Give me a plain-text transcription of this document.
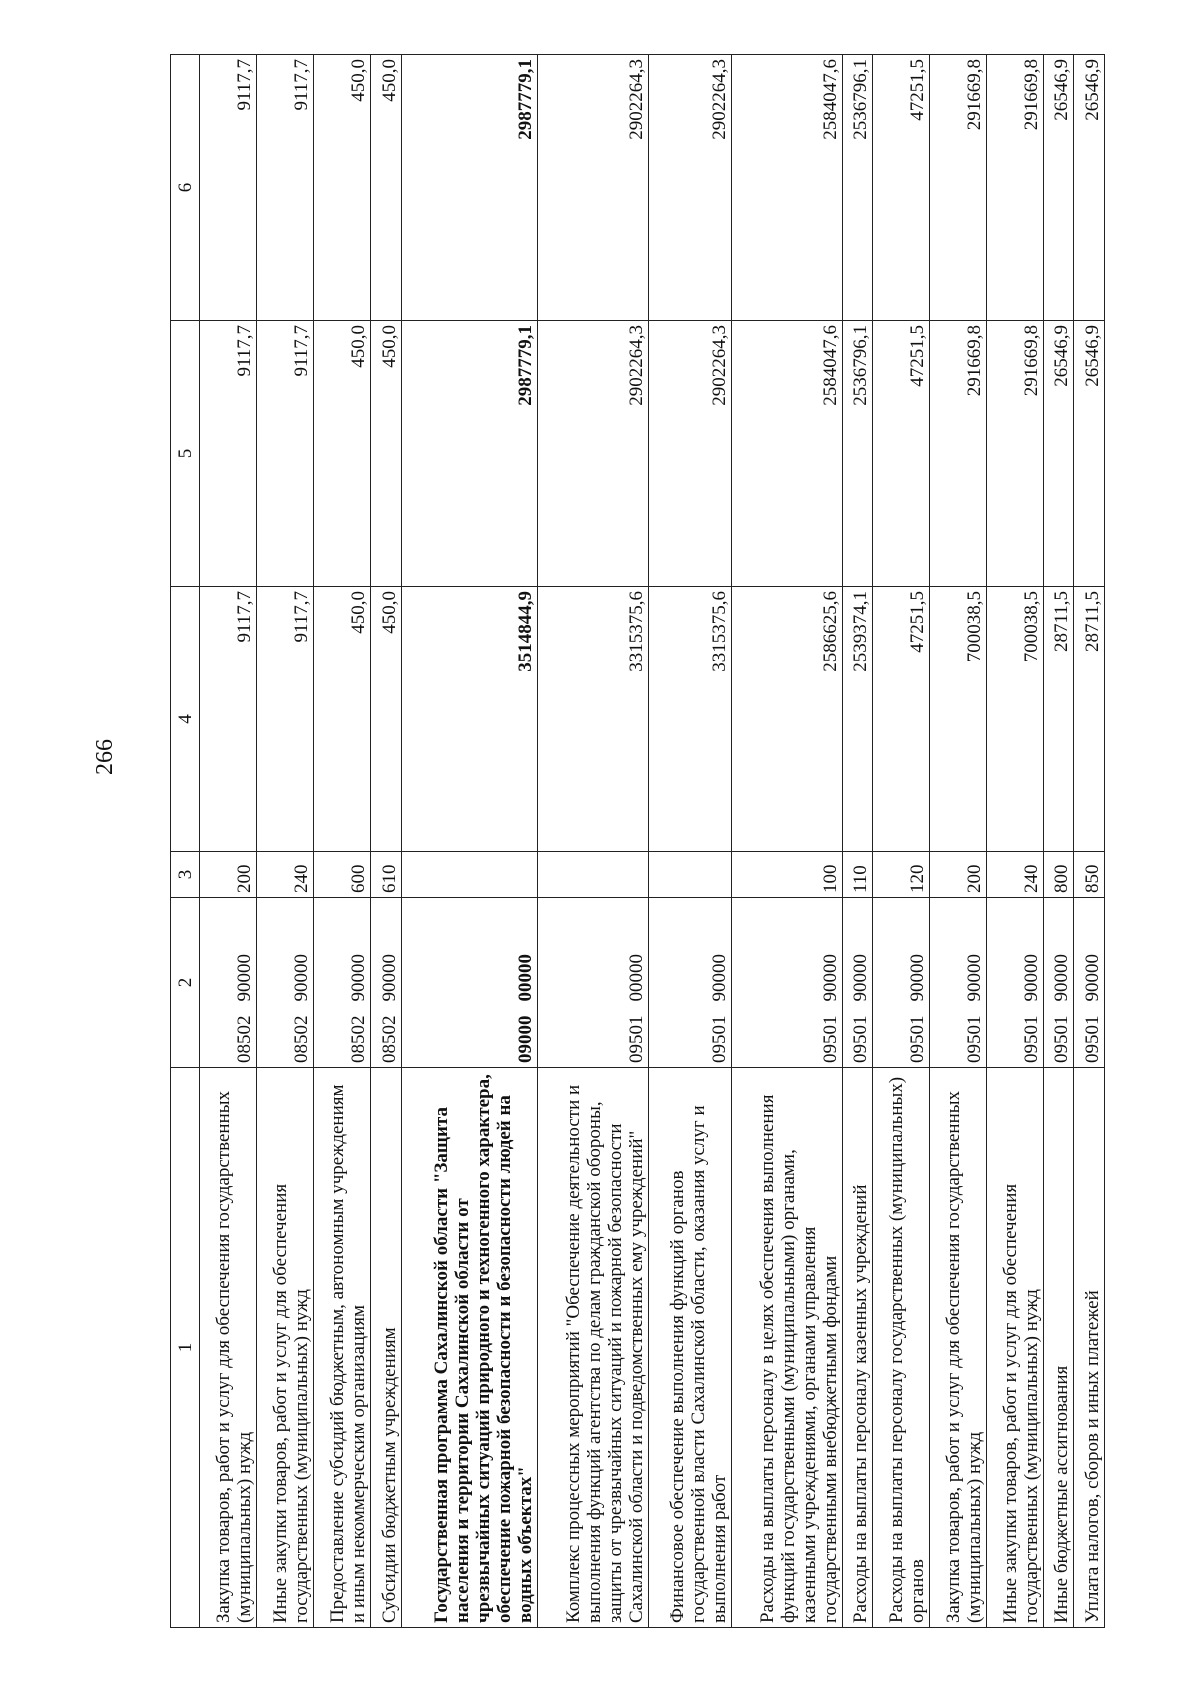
266
1	2	3	4	5	6
Закупка товаров, работ и услуг для обеспечения государственных (муниципальных) нужд	0850290000	200	9117,7	9117,7	9117,7
Иные закупки товаров, работ и услуг для обеспечения государственных (муниципальных) нужд	0850290000	240	9117,7	9117,7	9117,7
Предоставление субсидий бюджетным, автономным учреждениям и иным некоммерческим организациям	0850290000	600	450,0	450,0	450,0
Субсидии бюджетным учреждениям	0850290000	610	450,0	450,0	450,0
Государственная программа Сахалинской области "Защита населения и территории Сахалинской области от чрезвычайных ситуаций природного и техногенного характера, обеспечение пожарной безопасности и безопасности людей на водных объектах"	0900000000		3514844,9	2987779,1	2987779,1
Комплекс процессных мероприятий "Обеспечение деятельности и выполнения функций агентства по делам гражданской обороны, защиты от чрезвычайных ситуаций и пожарной безопасности Сахалинской области и подведомственных ему учреждений"	0950100000		3315375,6	2902264,3	2902264,3
Финансовое обеспечение выполнения функций органов государственной власти Сахалинской области, оказания услуг и выполнения работ	0950190000		3315375,6	2902264,3	2902264,3
Расходы на выплаты персоналу в целях обеспечения выполнения функций государственными (муниципальными) органами, казенными учреждениями, органами управления государственными внебюджетными фондами	0950190000	100	2586625,6	2584047,6	2584047,6
Расходы на выплаты персоналу казенных учреждений	0950190000	110	2539374,1	2536796,1	2536796,1
Расходы на выплаты персоналу государственных (муниципальных) органов	0950190000	120	47251,5	47251,5	47251,5
Закупка товаров, работ и услуг для обеспечения государственных (муниципальных) нужд	0950190000	200	700038,5	291669,8	291669,8
Иные закупки товаров, работ и услуг для обеспечения государственных (муниципальных) нужд	0950190000	240	700038,5	291669,8	291669,8
Иные бюджетные ассигнования	0950190000	800	28711,5	26546,9	26546,9
Уплата налогов, сборов и иных платежей	0950190000	850	28711,5	26546,9	26546,9
